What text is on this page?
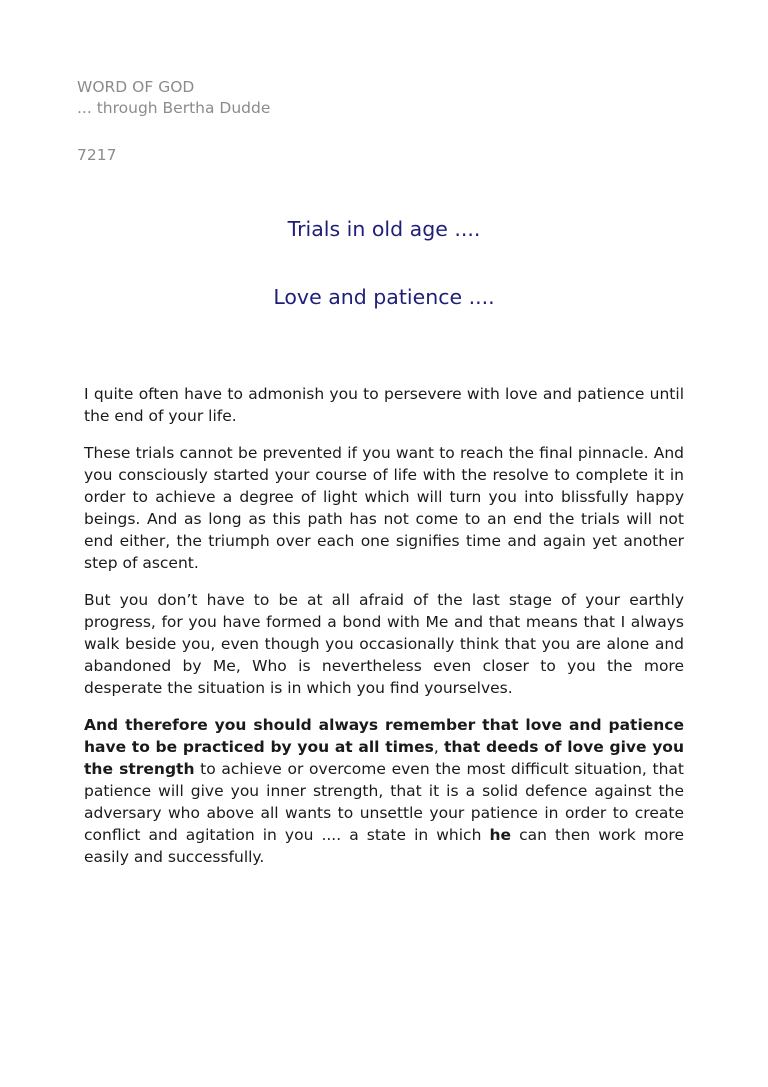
WORD OF GOD
... through Bertha Dudde
7217
Trials in old age ....
Love and patience ....

I quite often have to admonish you to persevere with love and patience until the end of your life.

These trials cannot be prevented if you want to reach the final pinnacle. And you consciously started your course of life with the resolve to complete it in order to achieve a degree of light which will turn you into blissfully happy beings. And as long as this path has not come to an end the trials will not end either, the triumph over each one signifies time and again yet another step of ascent.

But you don’t have to be at all afraid of the last stage of your earthly progress, for you have formed a bond with Me and that means that I always walk beside you, even though you occasionally think that you are alone and abandoned by Me, Who is nevertheless even closer to you the more desperate the situation is in which you find yourselves.

And therefore you should always remember that love and patience have to be practiced by you at all times, that deeds of love give you the strength to achieve or overcome even the most difficult situation, that patience will give you inner strength, that it is a solid defence against the adversary who above all wants to unsettle your patience in order to create conflict and agitation in you .... a state in which he can then work more easily and successfully.
